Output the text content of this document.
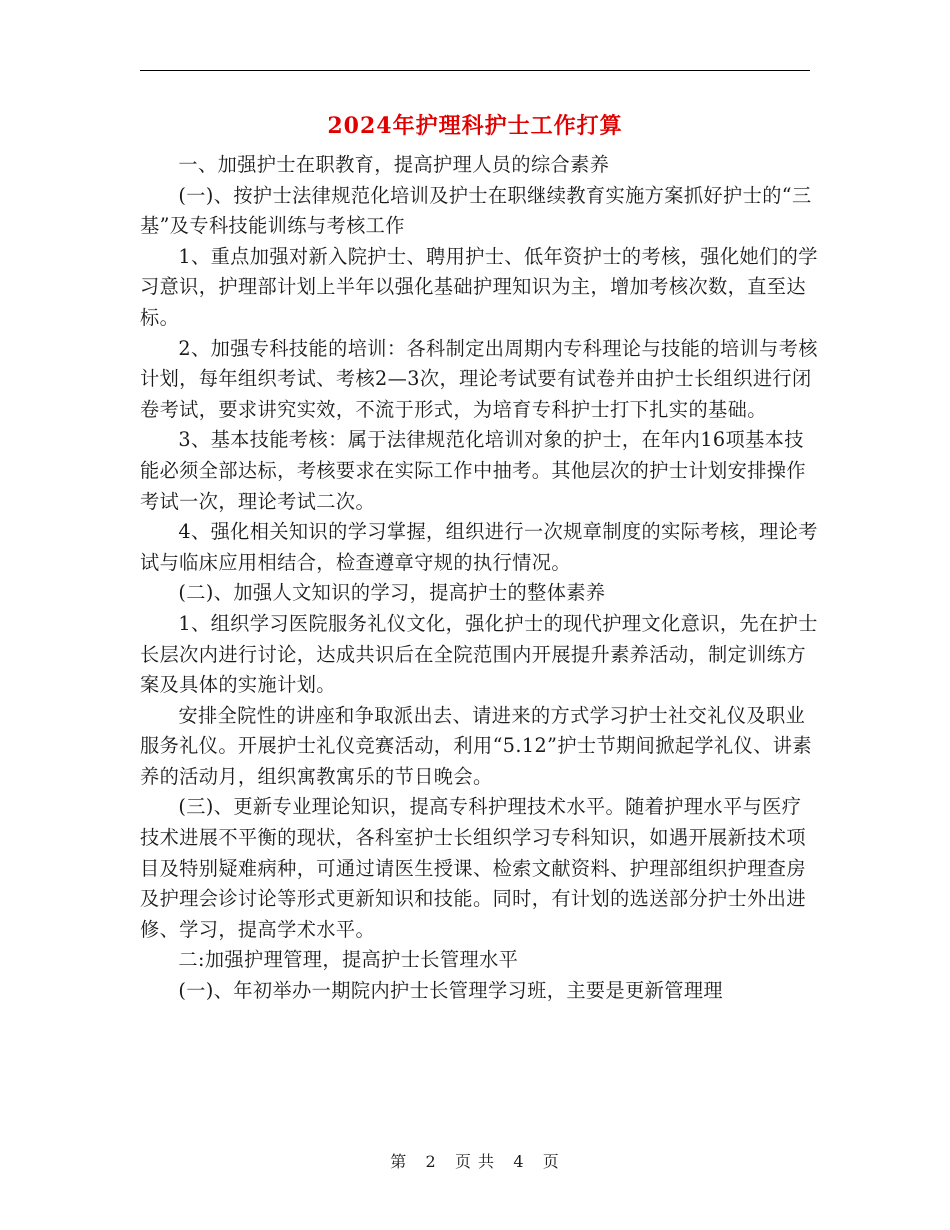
2024年护理科护士工作打算

一、加强护士在职教育，提高护理人员的综合素养

(一)、按护士法律规范化培训及护士在职继续教育实施方案抓好护士的“三基”及专科技能训练与考核工作

1、重点加强对新入院护士、聘用护士、低年资护士的考核，强化她们的学习意识，护理部计划上半年以强化基础护理知识为主，增加考核次数，直至达标。

2、加强专科技能的培训：各科制定出周期内专科理论与技能的培训与考核计划，每年组织考试、考核2—3次，理论考试要有试卷并由护士长组织进行闭卷考试，要求讲究实效，不流于形式，为培育专科护士打下扎实的基础。

3、基本技能考核：属于法律规范化培训对象的护士，在年内16项基本技能必须全部达标，考核要求在实际工作中抽考。其他层次的护士计划安排操作考试一次，理论考试二次。

4、强化相关知识的学习掌握，组织进行一次规章制度的实际考核，理论考试与临床应用相结合，检查遵章守规的执行情况。

(二)、加强人文知识的学习，提高护士的整体素养

1、组织学习医院服务礼仪文化，强化护士的现代护理文化意识，先在护士长层次内进行讨论，达成共识后在全院范围内开展提升素养活动，制定训练方案及具体的实施计划。

安排全院性的讲座和争取派出去、请进来的方式学习护士社交礼仪及职业服务礼仪。开展护士礼仪竞赛活动，利用“5.12”护士节期间掀起学礼仪、讲素养的活动月，组织寓教寓乐的节日晚会。

(三)、更新专业理论知识，提高专科护理技术水平。随着护理水平与医疗技术进展不平衡的现状，各科室护士长组织学习专科知识，如遇开展新技术项目及特别疑难病种，可通过请医生授课、检索文献资料、护理部组织护理查房及护理会诊讨论等形式更新知识和技能。同时，有计划的选送部分护士外出进修、学习，提高学术水平。

二:加强护理管理，提高护士长管理水平

(一)、年初举办一期院内护士长管理学习班，主要是更新管理理

第 2 页 共 4 页
